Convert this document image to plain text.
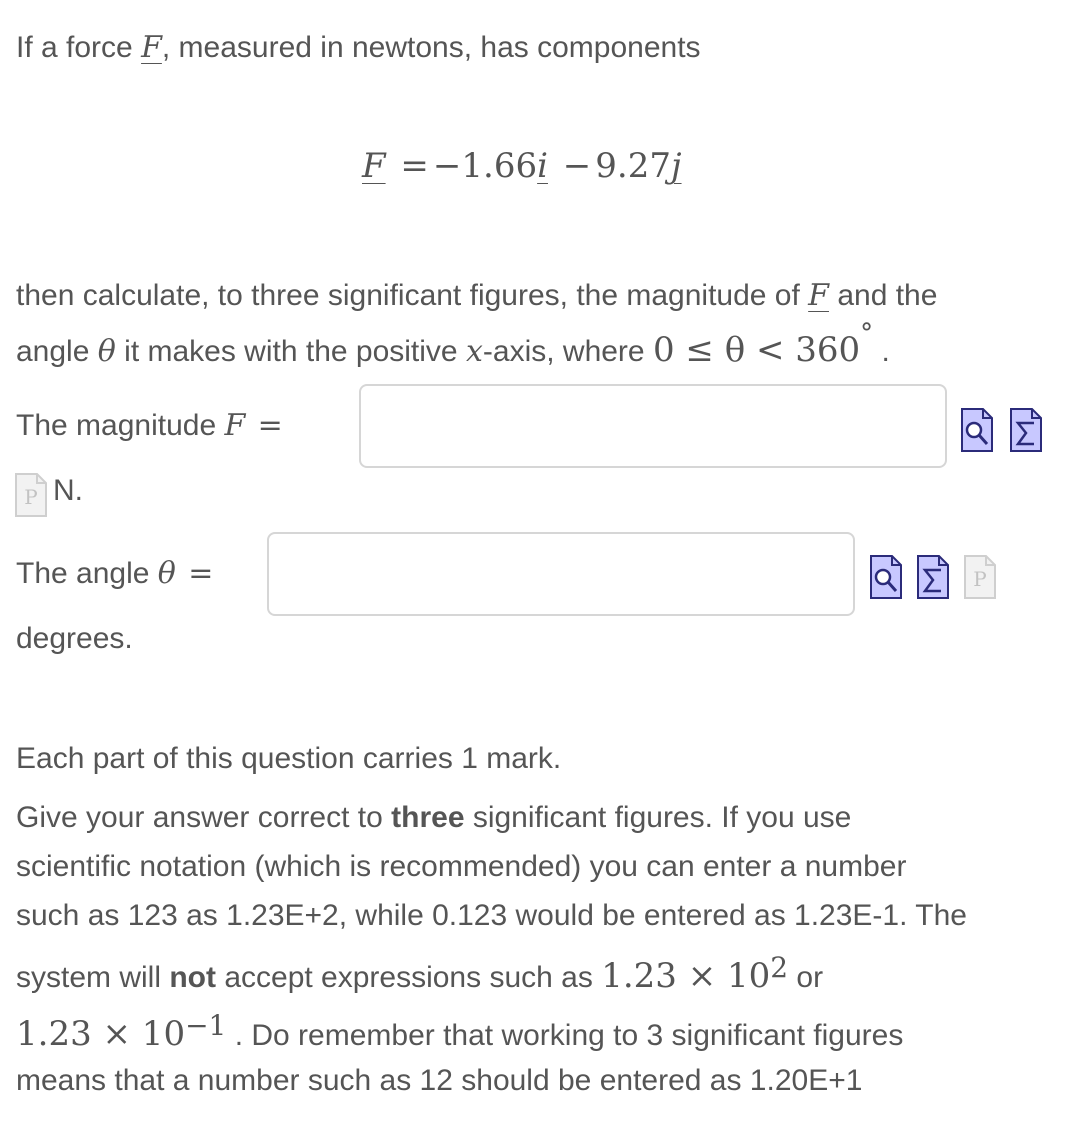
If a force F, measured in newtons, has components
F = −1.66i − 9.27j
then calculate, to three significant figures, the magnitude of F and the
angle θ it makes with the positive x-axis, where 0 ≤ θ < 360° .
The magnitude F =
P N.
The angle θ =	P
degrees.
Each part of this question carries 1 mark.
Give your answer correct to three significant figures. If you use
scientific notation (which is recommended) you can enter a number
such as 123 as 1.23E+2, while 0.123 would be entered as 1.23E-1. The
system will not accept expressions such as $1.23 \times 10^2$ or
$1.23 \times 10^{-1}$ . Do remember that working to 3 significant figures
means that a number such as 12 should be entered as 1.20E+1
